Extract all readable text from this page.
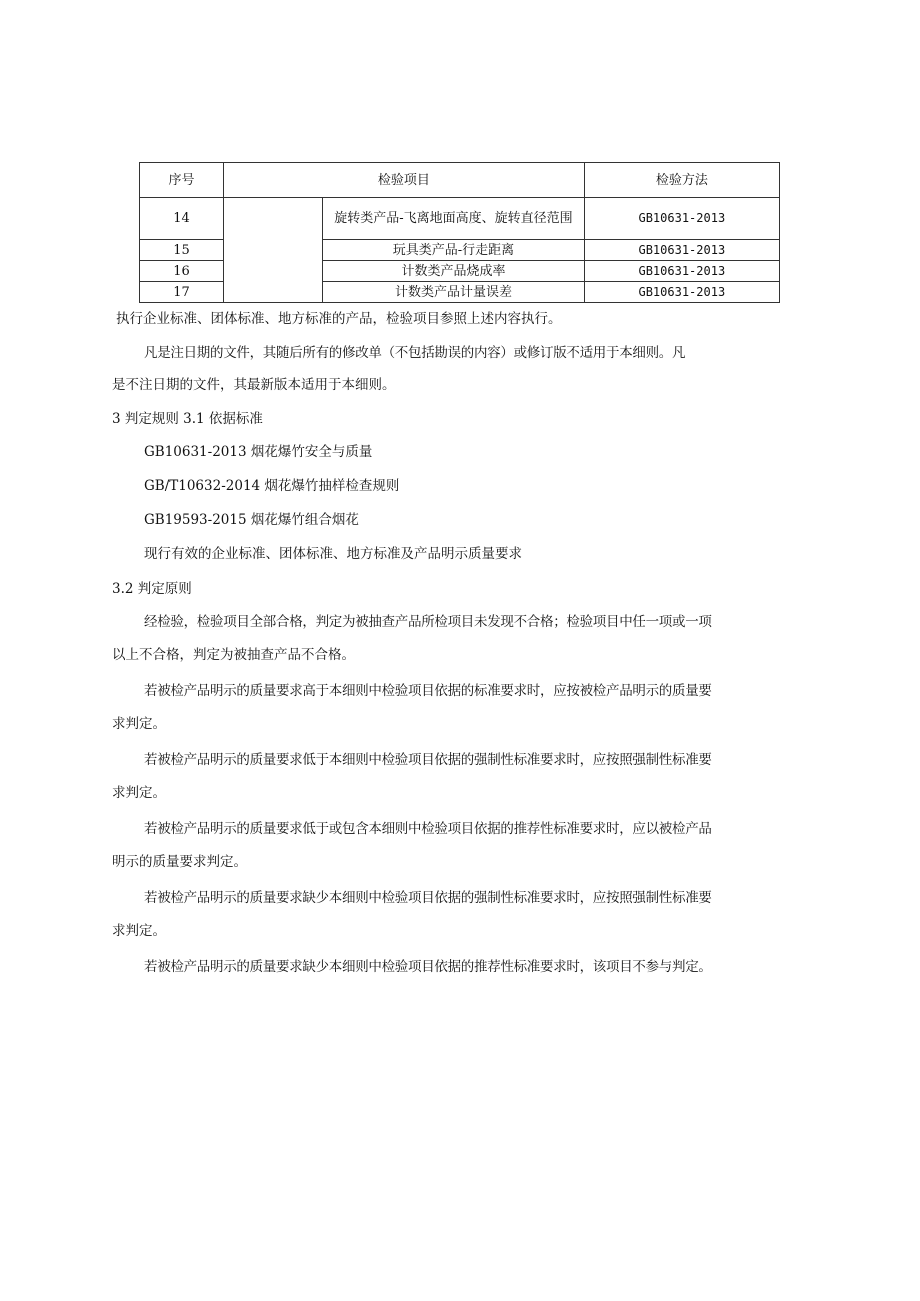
序号	检验项目		检验方法
14		旋转类产品-飞离地面高度、旋转直径范围	GB10631-2013
15		玩具类产品-行走距离	GB10631-2013
16		计数类产品烧成率	GB10631-2013
17		计数类产品计量误差	GB10631-2013

执行企业标准、团体标准、地方标准的产品，检验项目参照上述内容执行。

凡是注日期的文件，其随后所有的修改单（不包括勘误的内容）或修订版不适用于本细则。凡

是不注日期的文件，其最新版本适用于本细则。

3 判定规则 3.1 依据标准

GB10631-2013 烟花爆竹安全与质量

GB/T10632-2014 烟花爆竹抽样检查规则

GB19593-2015 烟花爆竹组合烟花

现行有效的企业标准、团体标准、地方标准及产品明示质量要求

3.2 判定原则

经检验，检验项目全部合格，判定为被抽查产品所检项目未发现不合格；检验项目中任一项或一项

以上不合格，判定为被抽查产品不合格。

若被检产品明示的质量要求高于本细则中检验项目依据的标准要求时，应按被检产品明示的质量要

求判定。

若被检产品明示的质量要求低于本细则中检验项目依据的强制性标准要求时，应按照强制性标准要

求判定。

若被检产品明示的质量要求低于或包含本细则中检验项目依据的推荐性标准要求时，应以被检产品

明示的质量要求判定。

若被检产品明示的质量要求缺少本细则中检验项目依据的强制性标准要求时，应按照强制性标准要

求判定。

若被检产品明示的质量要求缺少本细则中检验项目依据的推荐性标准要求时，该项目不参与判定。
